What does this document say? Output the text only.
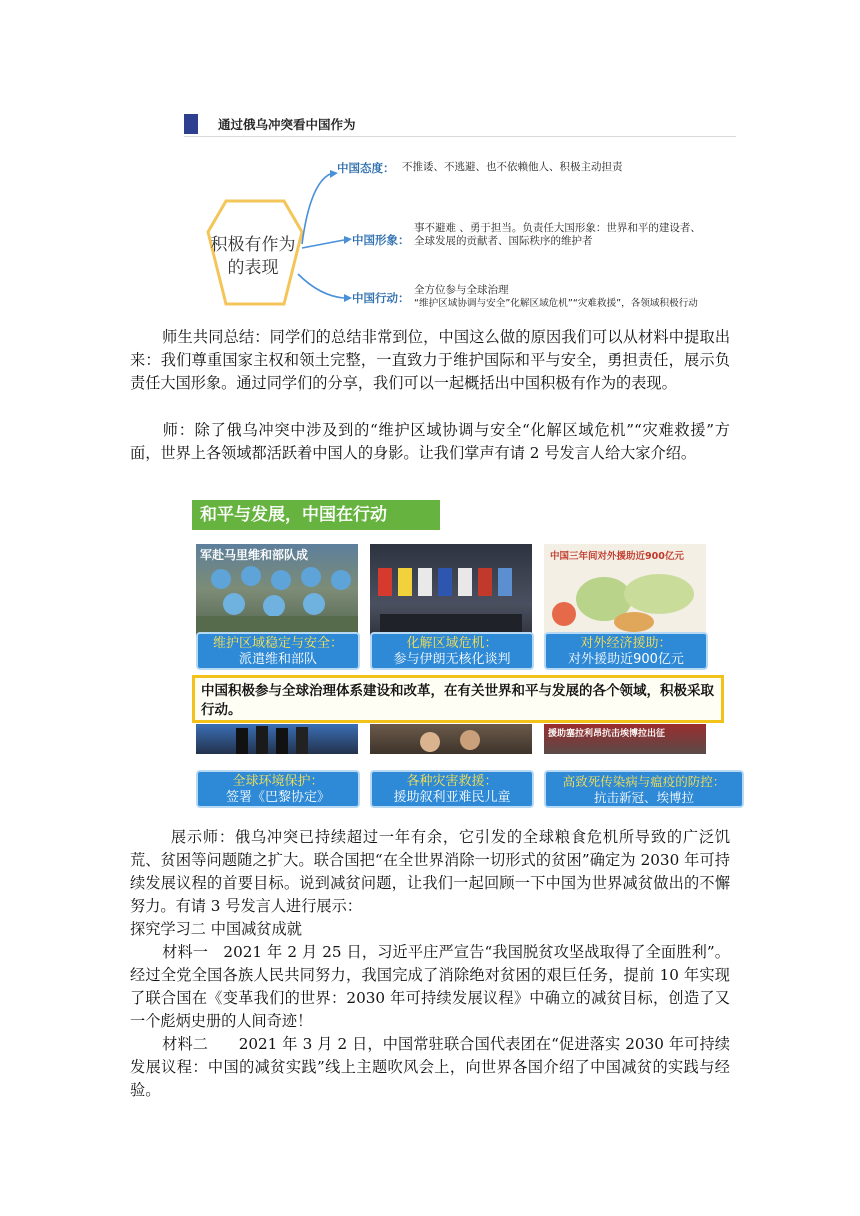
通过俄乌冲突看中国作为
积极有作为
的表现
中国态度： 不推诿、不逃避、也不依赖他人、积极主动担责
中国形象：
事不避难 、勇于担当。负责任大国形象：世界和平的建设者、
全球发展的贡献者、国际秩序的维护者
中国行动：
全方位参与全球治理
“维护区域协调与安全”化解区域危机”“灾难救援”，各领域积极行动
师生共同总结：同学们的总结非常到位，中国这么做的原因我们可以从材料中提取出来：我们尊重国家主权和领土完整，一直致力于维护国际和平与安全，勇担责任，展示负责任大国形象。通过同学们的分享，我们可以一起概括出中国积极有作为的表现。
师：除了俄乌冲突中涉及到的“维护区域协调与安全“化解区域危机”“灾难救援”方面，世界上各领域都活跃着中国人的身影。让我们掌声有请 2 号发言人给大家介绍。
和平与发展，中国在行动
军赴马里维和部队成	中国三年间对外援助近900亿元
维护区域稳定与安全：
派遣维和部队
化解区域危机：
参与伊朗无核化谈判
对外经济援助：
对外援助近900亿元
中国积极参与全球治理体系建设和改革，在有关世界和平与发展的各个领域，积极采取行动。
援助塞拉利昂抗击埃博拉出征
全球环境保护：
签署《巴黎协定》
各种灾害救援：
援助叙利亚难民儿童
高致死传染病与瘟疫的防控：
抗击新冠、埃博拉
展示师：俄乌冲突已持续超过一年有余，它引发的全球粮食危机所导致的广泛饥荒、贫困等问题随之扩大。联合国把“在全世界消除一切形式的贫困”确定为 2030 年可持续发展议程的首要目标。说到减贫问题，让我们一起回顾一下中国为世界减贫做出的不懈努力。有请 3 号发言人进行展示：
探究学习二 中国减贫成就
材料一　2021 年 2 月 25 日，习近平庄严宣告“我国脱贫攻坚战取得了全面胜利”。经过全党全国各族人民共同努力，我国完成了消除绝对贫困的艰巨任务，提前 10 年实现了联合国在《变革我们的世界：2030 年可持续发展议程》中确立的减贫目标，创造了又一个彪炳史册的人间奇迹！
材料二　　2021 年 3 月 2 日，中国常驻联合国代表团在“促进落实 2030 年可持续发展议程：中国的减贫实践”线上主题吹风会上，向世界各国介绍了中国减贫的实践与经验。
